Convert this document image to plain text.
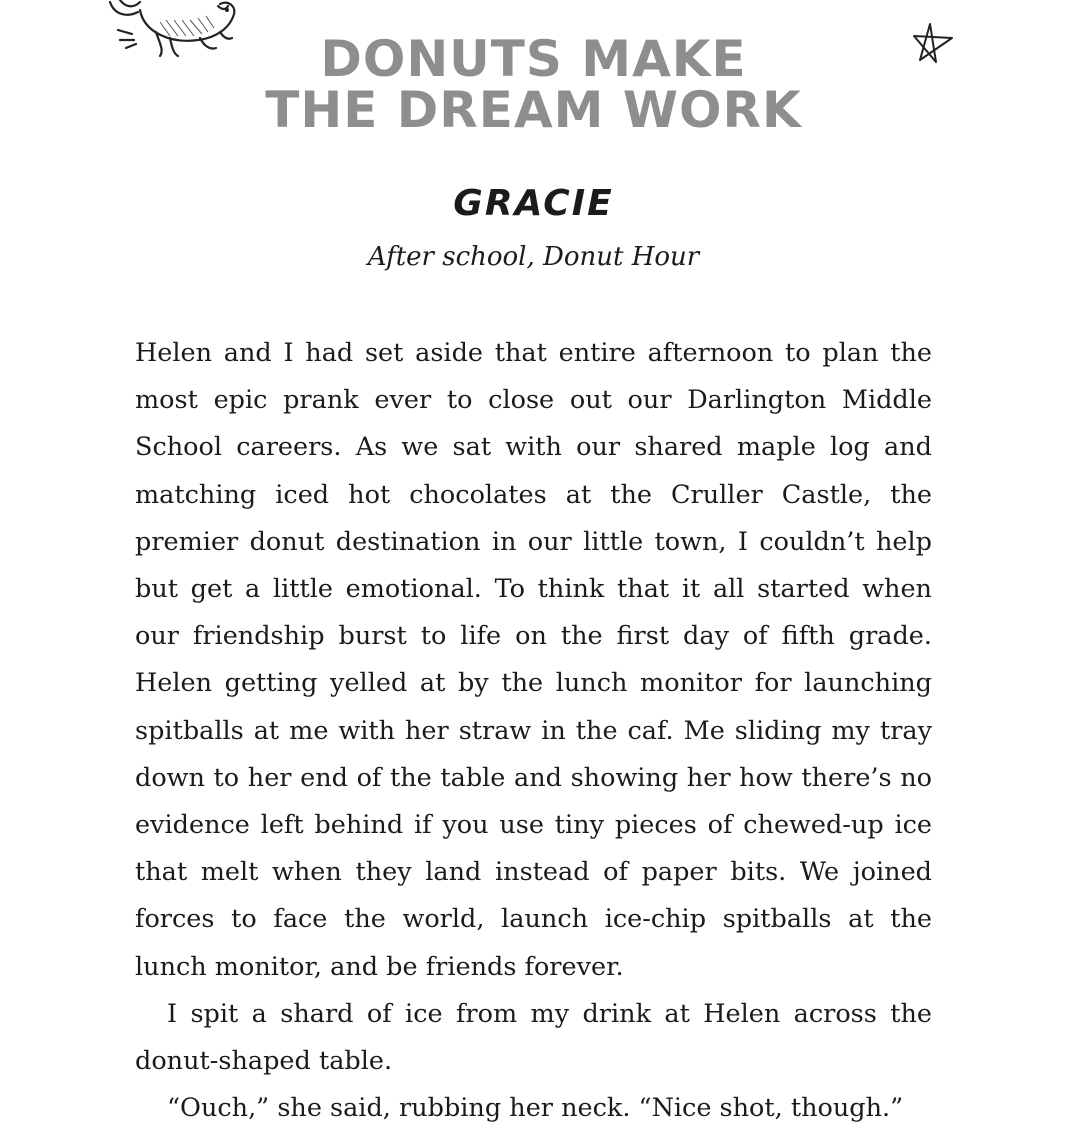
DONUTS MAKE
THE DREAM WORK
GRACIE
After school, Donut Hour

Helen and I had set aside that entire afternoon to plan the most epic prank ever to close out our Darlington Middle School careers. As we sat with our shared maple log and matching iced hot chocolates at the Cruller Castle, the premier donut destination in our little town, I couldn’t help but get a little emotional. To think that it all started when our friendship burst to life on the first day of fifth grade. Helen getting yelled at by the lunch monitor for launching spitballs at me with her straw in the caf. Me sliding my tray down to her end of the table and showing her how there’s no evidence left behind if you use tiny pieces of chewed-up ice that melt when they land instead of paper bits. We joined forces to face the world, launch ice-chip spitballs at the lunch monitor, and be friends forever.

I spit a shard of ice from my drink at Helen across the donut-shaped table.

“Ouch,” she said, rubbing her neck. “Nice shot, though.”
